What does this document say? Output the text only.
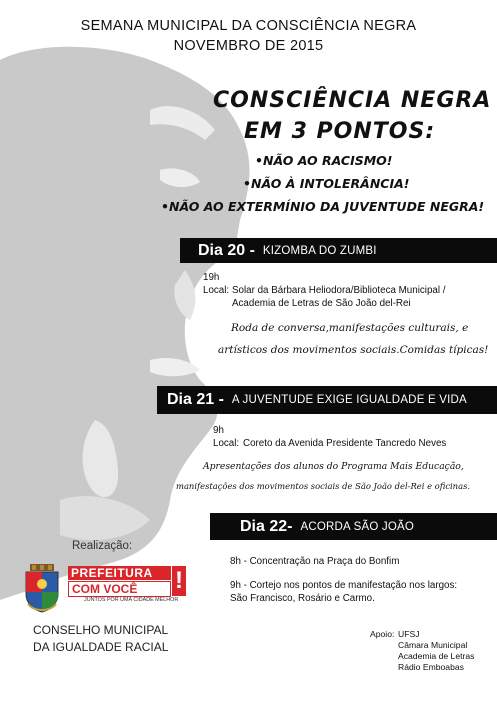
SEMANA MUNICIPAL DA CONSCIÊNCIA NEGRA
NOVEMBRO DE 2015
CONSCIÊNCIA NEGRA
EM 3 PONTOS:
•NÃO AO RACISMO!
•NÃO À INTOLERÂNCIA!
•NÃO AO EXTERMÍNIO DA JUVENTUDE NEGRA!
Dia 20 - KIZOMBA DO ZUMBI
19h
Local: Solar da Bárbara Heliodora/Biblioteca Municipal /
Academia de Letras de São João del-Rei
Roda de conversa,manifestações culturais, e
artísticos dos movimentos sociais.Comidas típicas!
Dia 21 - A JUVENTUDE EXIGE IGUALDADE E VIDA
9h
Local: Coreto da Avenida Presidente Tancredo Neves
Apresentações dos alunos do Programa Mais Educação,
manifestações dos movimentos sociais de São João del-Rei e oficinas.
Dia 22- ACORDA SÃO JOÃO
8h - Concentração na Praça do Bonfim
9h - Cortejo nos pontos de manifestação nos largos:
São Francisco, Rosário e Carmo.
Realização:
PREFEITURA
COM VOCÊ	!
JUNTOS POR UMA CIDADE MELHOR
CONSELHO MUNICIPAL
DA IGUALDADE RACIAL
Apoio: UFSJ
Câmara Municipal
Academia de Letras
Rádio Emboabas
